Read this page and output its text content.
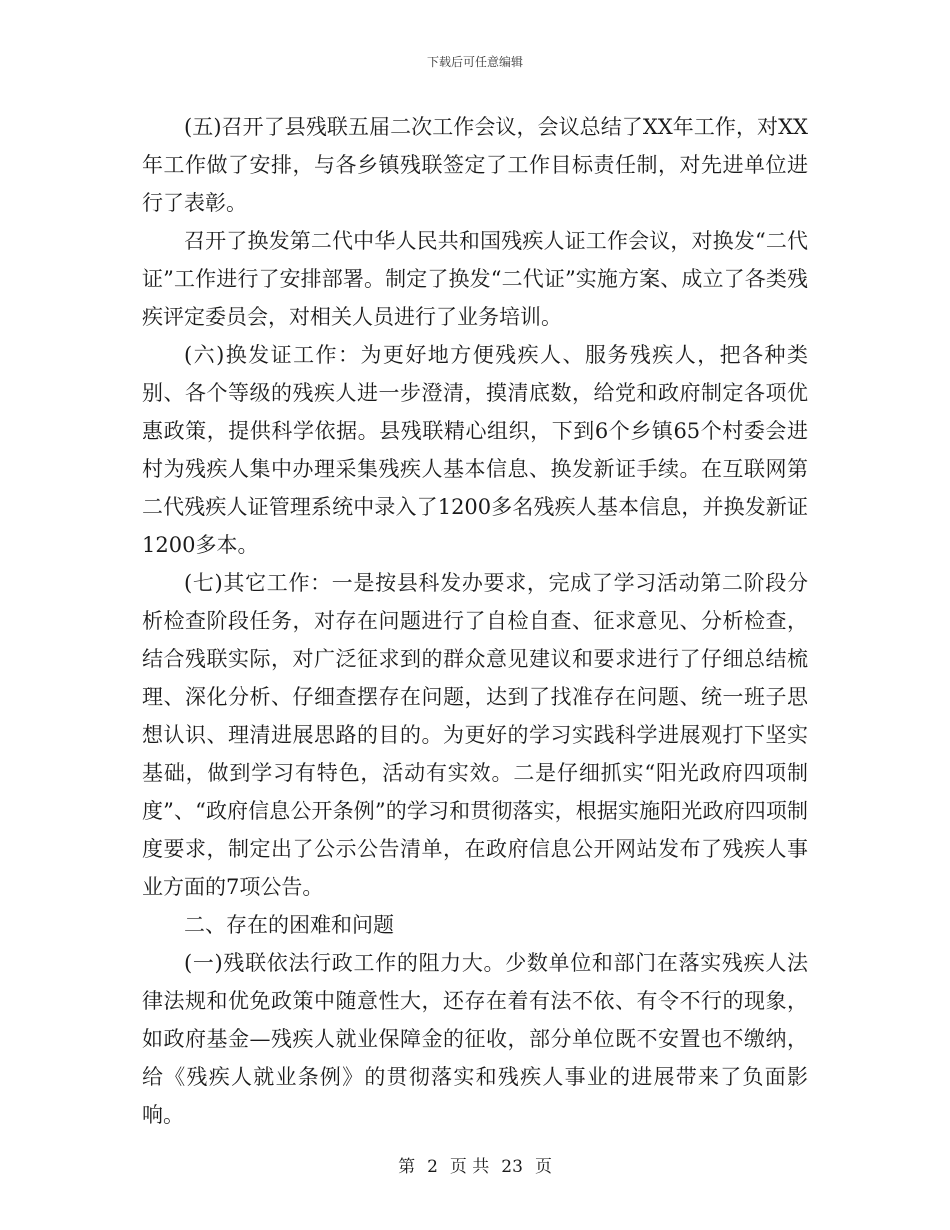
下载后可任意编辑

(五)召开了县残联五届二次工作会议，会议总结了XX年工作，对XX年工作做了安排，与各乡镇残联签定了工作目标责任制，对先进单位进行了表彰。

召开了换发第二代中华人民共和国残疾人证工作会议，对换发“二代证”工作进行了安排部署。制定了换发“二代证”实施方案、成立了各类残疾评定委员会，对相关人员进行了业务培训。

(六)换发证工作：为更好地方便残疾人、服务残疾人，把各种类别、各个等级的残疾人进一步澄清，摸清底数，给党和政府制定各项优惠政策，提供科学依据。县残联精心组织，下到6个乡镇65个村委会进村为残疾人集中办理采集残疾人基本信息、换发新证手续。在互联网第二代残疾人证管理系统中录入了1200多名残疾人基本信息，并换发新证1200多本。

(七)其它工作：一是按县科发办要求，完成了学习活动第二阶段分析检查阶段任务，对存在问题进行了自检自查、征求意见、分析检查，结合残联实际，对广泛征求到的群众意见建议和要求进行了仔细总结梳理、深化分析、仔细查摆存在问题，达到了找准存在问题、统一班子思想认识、理清进展思路的目的。为更好的学习实践科学进展观打下坚实基础，做到学习有特色，活动有实效。二是仔细抓实“阳光政府四项制度”、“政府信息公开条例”的学习和贯彻落实，根据实施阳光政府四项制度要求，制定出了公示公告清单，在政府信息公开网站发布了残疾人事业方面的7项公告。

二、存在的困难和问题

(一)残联依法行政工作的阻力大。少数单位和部门在落实残疾人法律法规和优免政策中随意性大，还存在着有法不依、有令不行的现象，如政府基金—残疾人就业保障金的征收，部分单位既不安置也不缴纳，给《残疾人就业条例》的贯彻落实和残疾人事业的进展带来了负面影响。

第 2 页 共 23 页
